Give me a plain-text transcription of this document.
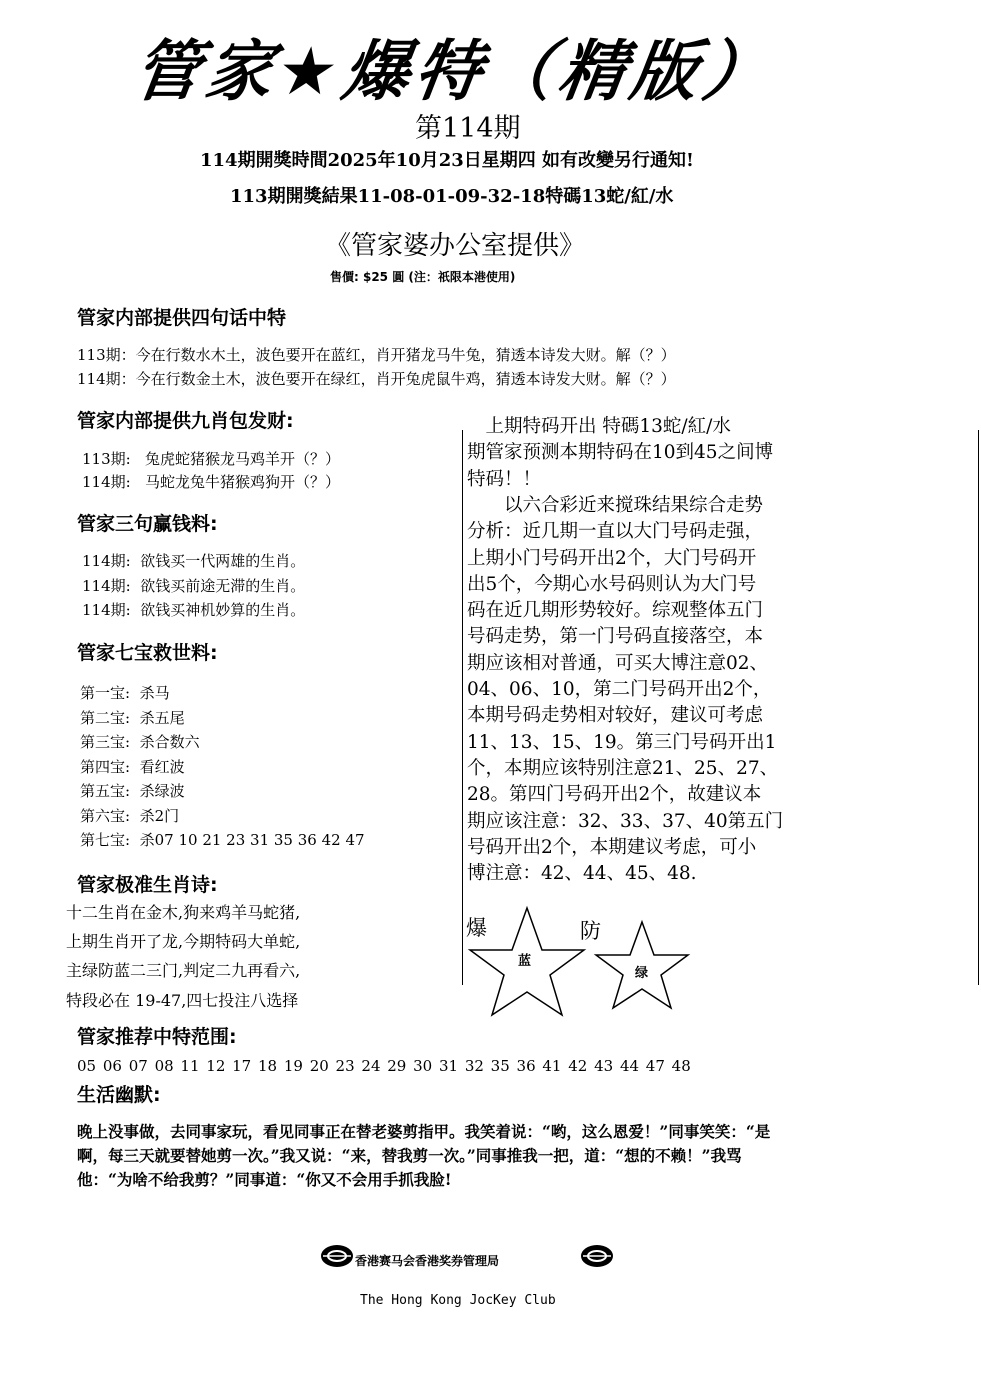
管家★爆特（精版）
第114期
114期開獎時間2025年10月23日星期四 如有改變另行通知!
113期開獎結果11-08-01-09-32-18特碼13蛇/紅/水
《管家婆办公室提供》
售價: $25 圓 (注：祇限本港使用)
管家内部提供四句话中特
113期：今在行数水木土，波色要开在蓝红，肖开猪龙马牛兔，猜透本诗发大财。解（？）
114期：今在行数金土木，波色要开在绿红，肖开兔虎鼠牛鸡，猜透本诗发大财。解（？）
管家内部提供九肖包发财:
113期: 兔虎蛇猪猴龙马鸡羊开（？）
114期: 马蛇龙兔牛猪猴鸡狗开（？）
管家三句赢钱料:
114期: 欲钱买一代两雄的生肖。
114期: 欲钱买前途无滞的生肖。
114期: 欲钱买神机妙算的生肖。
管家七宝救世料:
管家极准生肖诗:
十二生肖在金木,狗来鸡羊马蛇猪,
上期生肖开了龙,今期特码大单蛇,
主绿防蓝二三门,判定二九再看六,
特段必在 19-47,四七投注八选择
爆
蓝
防
绿
管家推荐中特范围:
05 06 07 08 11 12 17 18 19 20 23 24 29 30 31 32 35 36 41 42 43 44 47 48
生活幽默:
晚上没事做，去同事家玩，看见同事正在替老婆剪指甲。我笑着说：“哟，这么恩爱！”同事笑笑：“是
啊，每三天就要替她剪一次。”我又说：“来，替我剪一次。”同事推我一把，道：“想的不赖！”我骂
他：“为啥不给我剪？”同事道：“你又不会用手抓我脸!
香港赛马会香港奖券管理局
The Hong Kong JocKey Club
第一宝: 杀马
第二宝: 杀五尾
第三宝: 杀合数六
第四宝: 看红波
第五宝: 杀绿波
第六宝: 杀2门
第七宝: 杀07 10 21 23 31 35 36 42 47
　上期特码开出 特碼13蛇/紅/水
期管家预测本期特码在10到45之间博
特码！！
　　以六合彩近来搅珠结果综合走势
分析：近几期一直以大门号码走强，
上期小门号码开出2个，大门号码开
出5个，今期心水号码则认为大门号
码在近几期形势较好。综观整体五门
号码走势，第一门号码直接落空，本
期应该相对普通，可买大博注意02、
04、06、10，第二门号码开出2个，
本期号码走势相对较好，建议可考虑
11、13、15、19。第三门号码开出1
个，本期应该特别注意21、25、27、
28。第四门号码开出2个，故建议本
期应该注意：32、33、37、40第五门
号码开出2个，本期建议考虑，可小
博注意：42、44、45、48.
